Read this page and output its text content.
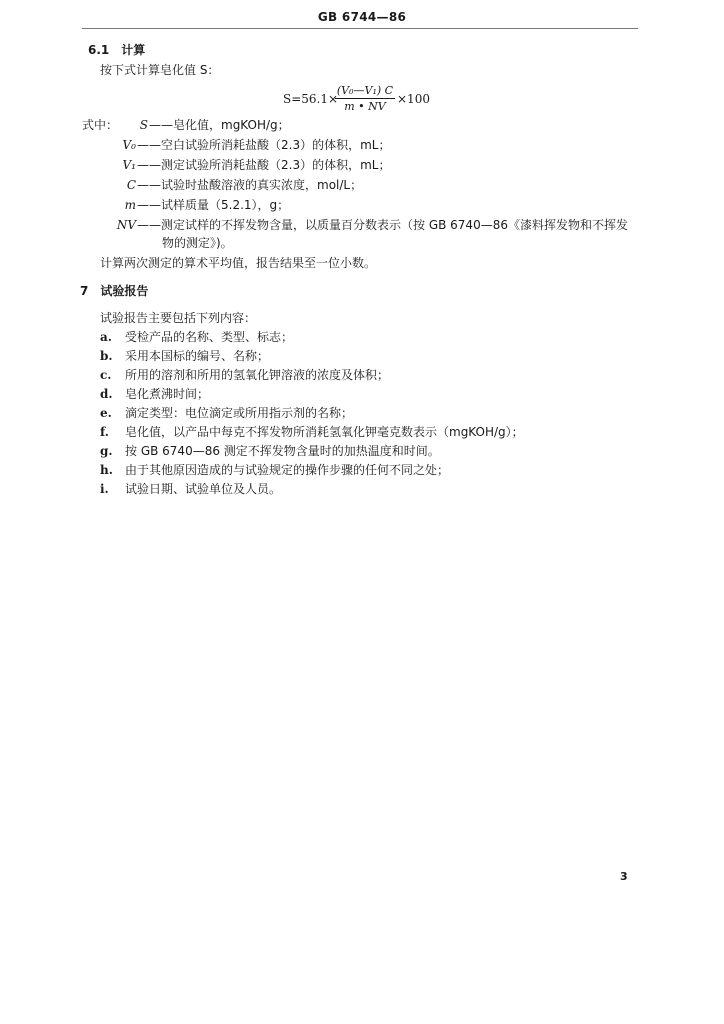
GB 6744—86
6.1 计算
按下式计算皂化值 S：
S=56.1×
(V₀—V₁) C
m • NV
×100
式中：	S ——皂化值，mgKOH/g；
V₀ ——空白试验所消耗盐酸（2.3）的体积，mL；
V₁ ——测定试验所消耗盐酸（2.3）的体积，mL；
C ——试验时盐酸溶液的真实浓度，mol/L；
m ——试样质量（5.2.1），g；
NV ——测定试样的不挥发物含量，以质量百分数表示（按 GB 6740—86《漆料挥发物和不挥发
物的测定》)。
计算两次测定的算术平均值，报告结果至一位小数。
7 试验报告
试验报告主要包括下列内容：
a. 受检产品的名称、类型、标志；
b. 采用本国标的编号、名称；
c. 所用的溶剂和所用的氢氧化钾溶液的浓度及体积；
d. 皂化煮沸时间；
e. 滴定类型：电位滴定或所用指示剂的名称；
f. 皂化值，以产品中每克不挥发物所消耗氢氧化钾毫克数表示（mgKOH/g）；
g. 按 GB 6740—86 测定不挥发物含量时的加热温度和时间。
h. 由于其他原因造成的与试验规定的操作步骤的任何不同之处；
i. 试验日期、试验单位及人员。
3
